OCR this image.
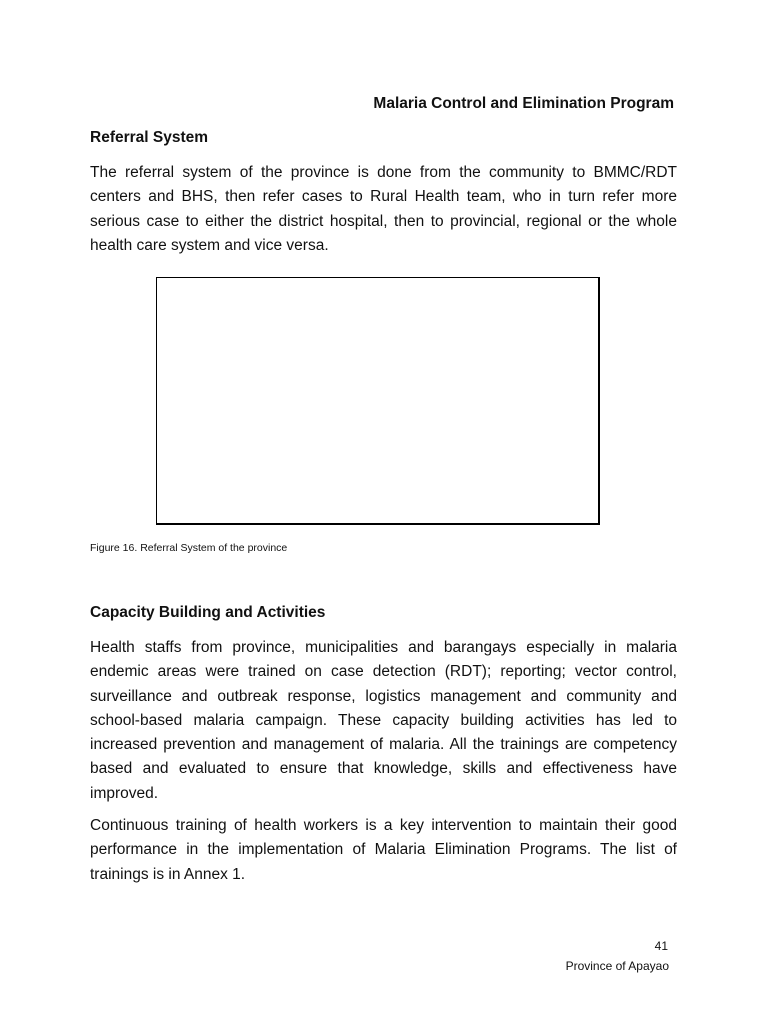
Malaria Control and Elimination Program
Referral System

The referral system of the province is done from the community to BMMC/RDT centers and BHS, then refer cases to Rural Health team, who in turn refer more serious case to either the district hospital, then to provincial, regional or the whole health care system and vice versa.

Figure 16. Referral System of the province
Capacity Building and Activities

Health staffs from province, municipalities and barangays especially in malaria endemic areas were trained on case detection (RDT); reporting; vector control, surveillance and outbreak response, logistics management and community and school-based malaria campaign. These capacity building activities has led to increased prevention and management of malaria. All the trainings are competency based and evaluated to ensure that knowledge, skills and effectiveness have improved.

Continuous training of health workers is a key intervention to maintain their good performance in the implementation of Malaria Elimination Programs. The list of trainings is in Annex 1.

41
Province of Apayao
